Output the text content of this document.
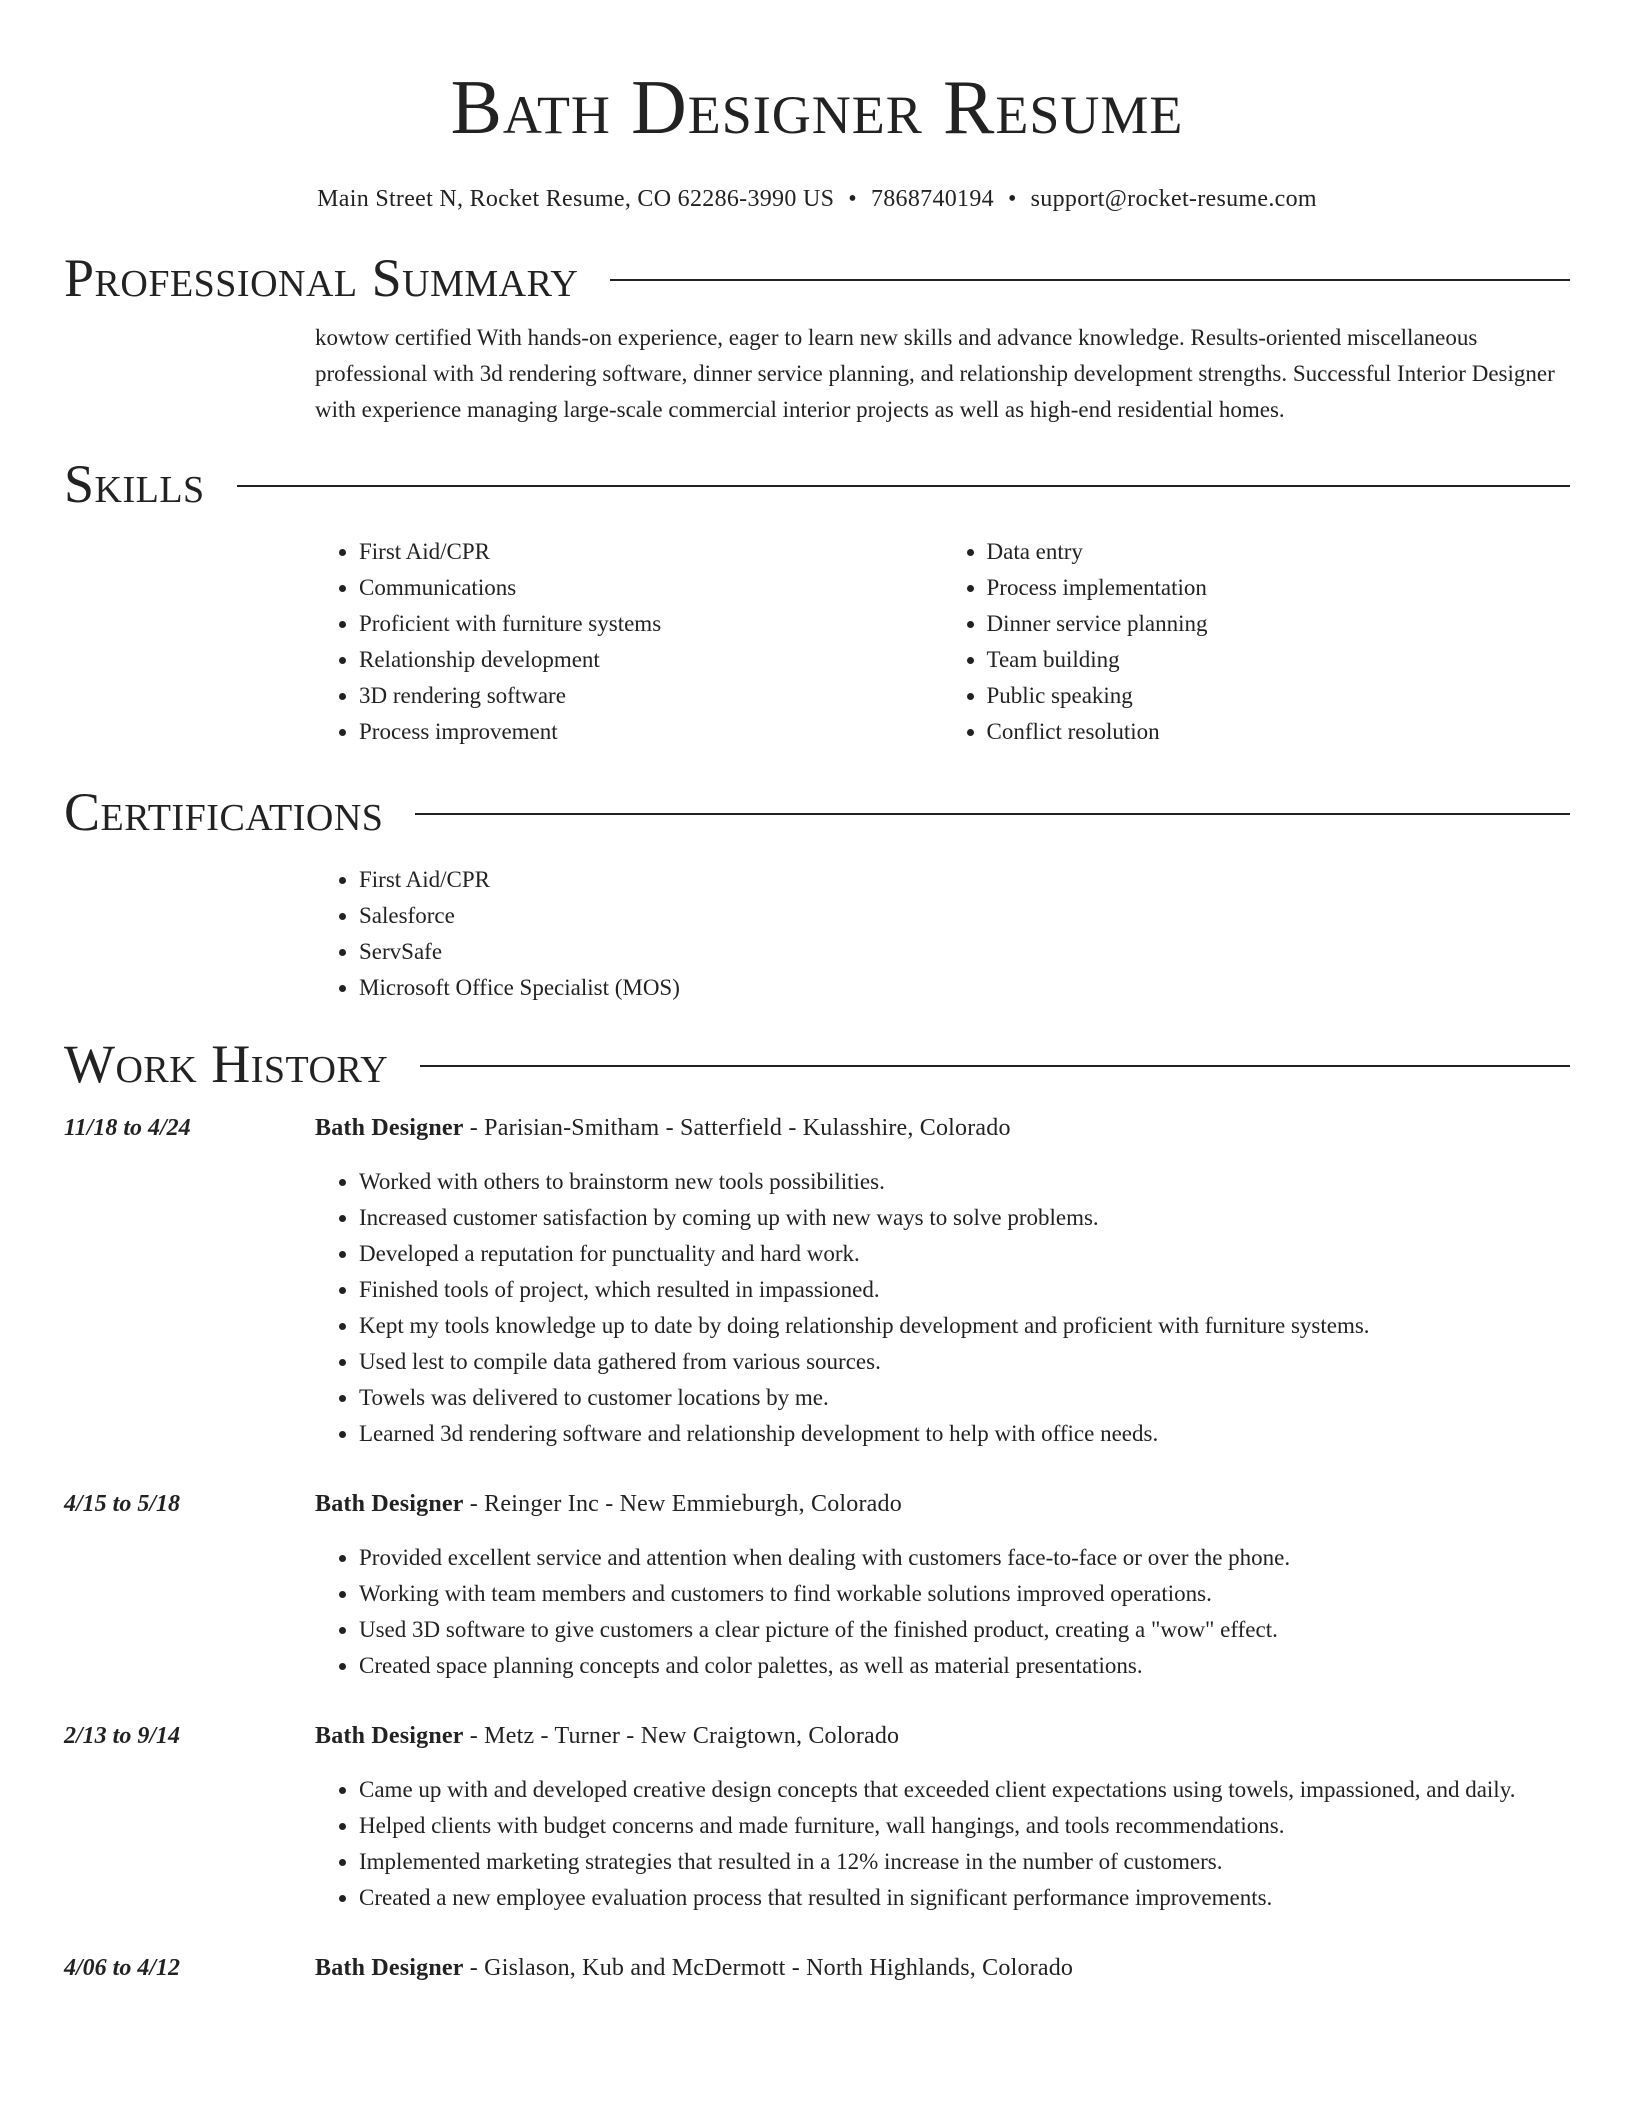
Bath Designer Resume
Main Street N, Rocket Resume, CO 62286-3990 US • 7868740194 • support@rocket-resume.com
Professional Summary

kowtow certified With hands-on experience, eager to learn new skills and advance knowledge. Results-oriented miscellaneous professional with 3d rendering software, dinner service planning, and relationship development strengths. Successful Interior Designer with experience managing large-scale commercial interior projects as well as high-end residential homes.

Skills
• First Aid/CPR
• Communications
• Proficient with furniture systems
• Relationship development
• 3D rendering software
• Process improvement
• Data entry
• Process implementation
• Dinner service planning
• Team building
• Public speaking
• Conflict resolution
Certifications
• First Aid/CPR
• Salesforce
• ServSafe
• Microsoft Office Specialist (MOS)
Work History
11/18 to 4/24	Bath Designer - Parisian-Smitham - Satterfield - Kulasshire, Colorado
• Worked with others to brainstorm new tools possibilities.
• Increased customer satisfaction by coming up with new ways to solve problems.
• Developed a reputation for punctuality and hard work.
• Finished tools of project, which resulted in impassioned.
• Kept my tools knowledge up to date by doing relationship development and proficient with furniture systems.
• Used lest to compile data gathered from various sources.
• Towels was delivered to customer locations by me.
• Learned 3d rendering software and relationship development to help with office needs.
4/15 to 5/18	Bath Designer - Reinger Inc - New Emmieburgh, Colorado
• Provided excellent service and attention when dealing with customers face-to-face or over the phone.
• Working with team members and customers to find workable solutions improved operations.
• Used 3D software to give customers a clear picture of the finished product, creating a "wow" effect.
• Created space planning concepts and color palettes, as well as material presentations.
2/13 to 9/14	Bath Designer - Metz - Turner - New Craigtown, Colorado
• Came up with and developed creative design concepts that exceeded client expectations using towels, impassioned, and daily.
• Helped clients with budget concerns and made furniture, wall hangings, and tools recommendations.
• Implemented marketing strategies that resulted in a 12% increase in the number of customers.
• Created a new employee evaluation process that resulted in significant performance improvements.
4/06 to 4/12	Bath Designer - Gislason, Kub and McDermott - North Highlands, Colorado
